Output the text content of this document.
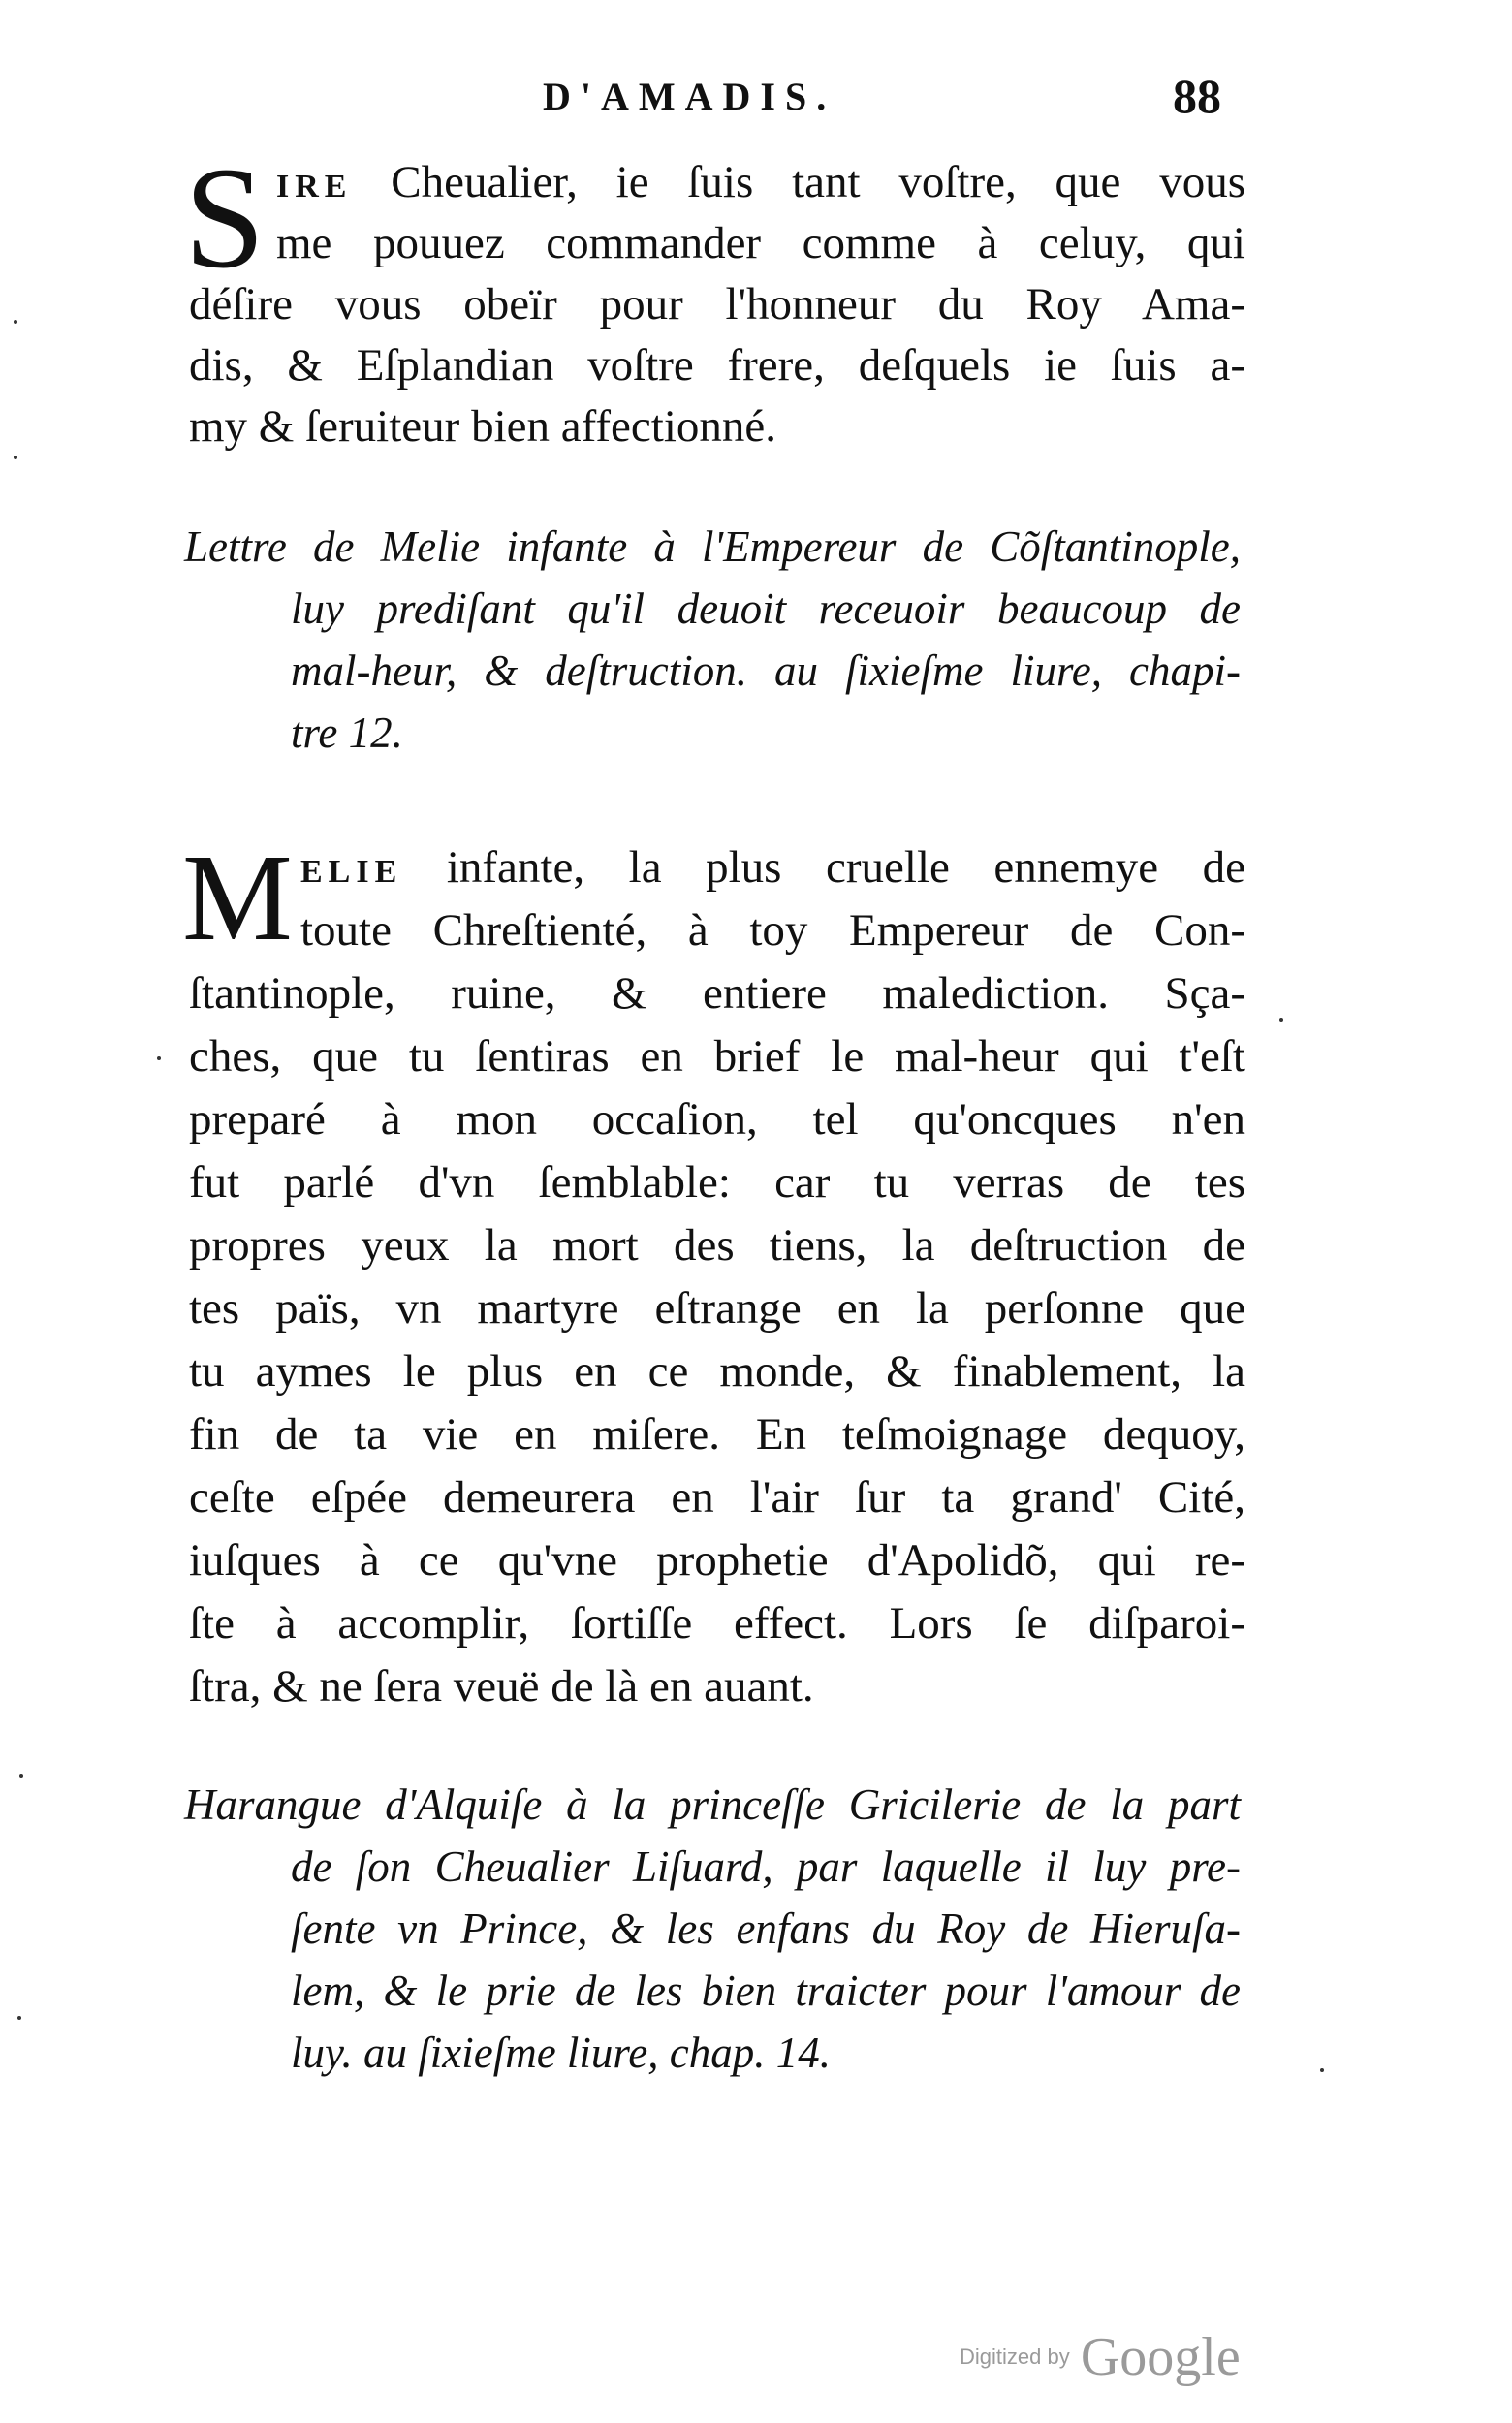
D'AMADIS.	88
S IRE Cheualier, ie ſuis tant voſtre, que vous
me pouuez commander comme à celuy, qui
déſire vous obeïr pour l'honneur du Roy Ama-
dis, & Eſplandian voſtre frere, deſquels ie ſuis a-
my & ſeruiteur bien affectionné.
Lettre de Melie infante à l'Empereur de Cõſtantinople,
luy prediſant qu'il deuoit receuoir beaucoup de
mal-heur, & deſtruction. au ſixieſme liure, chapi-
tre 12.
M ELIE infante, la plus cruelle ennemye de
toute Chreſtienté, à toy Empereur de Con-
ſtantinople, ruine, & entiere malediction. Sça-
ches, que tu ſentiras en brief le mal-heur qui t'eſt
preparé à mon occaſion, tel qu'oncques n'en
fut parlé d'vn ſemblable: car tu verras de tes
propres yeux la mort des tiens, la deſtruction de
tes païs, vn martyre eſtrange en la perſonne que
tu aymes le plus en ce monde, & finablement, la
fin de ta vie en miſere. En teſmoignage dequoy,
ceſte eſpée demeurera en l'air ſur ta grand' Cité,
iuſques à ce qu'vne prophetie d'Apolidõ, qui re-
ſte à accomplir, ſortiſſe effect. Lors ſe diſparoi-
ſtra, & ne ſera veuë de là en auant.
Harangue d'Alquiſe à la princeſſe Gricilerie de la part
de ſon Cheualier Liſuard, par laquelle il luy pre-
ſente vn Prince, & les enfans du Roy de Hieruſa-
lem, & le prie de les bien traicter pour l'amour de
luy. au ſixieſme liure, chap. 14.
Digitized by Google
